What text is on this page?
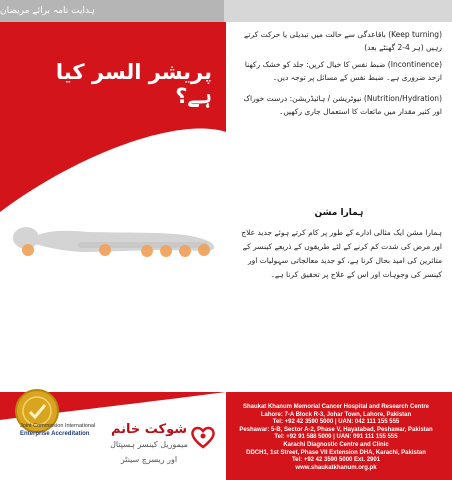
ہدایت نامہ برائے مریضان
پریشر السر کیا ہے؟
(Keep turning) باقاعدگی سے حالت میں تبدیلی یا حرکت کرتے رہیں (ہر 4-2 گھنٹے بعد)
(Incontinence) ضبط نفس کا خیال کریں: جلد کو خشک رکھنا ازحد ضروری ہے۔ ضبط نفس کے مسائل پر توجہ دیں۔
(Nutrition/Hydration) نیوٹریشن / ہائیڈریشن: درست خوراک اور کثیر مقدار میں مائعات کا استعمال جاری رکھیں۔
ہمارا مشن
ہمارا مشن ایک مثالی ادارے کے طور پر کام کرتے ہوئے جدید علاج اور مرض کی شدت کم کرنے کے لئے طریقوں کے ذریعے کینسر کے متاثرین کی امید بحال کرنا ہے، کو جدید معالجاتی سہولیات اور کینسر کی وجوہات اور اس کے علاج پر تحقیق کرنا ہے۔
Joint Commission International
Enterprise Accreditation	شوکت خانم
میموریل کینسر ہسپتال اور ریسرچ سینٹر
Shaukat Khanum Memorial Cancer Hospital and Research Centre
Lahore: 7-A Block R-3, Johar Town, Lahore, Pakistan
Tel: +92 42 3590 5000 | UAN: 042 111 155 555
Peshawar: 5-B, Sector A-2, Phase V, Hayatabad, Peshawar, Pakistan
Tel: +92 91 588 5000 | UAN: 091 111 155 555
Karachi Diagnostic Centre and Clinic
DDCH1, 1st Street, Phase VII Extension DHA, Karachi, Pakistan
Tel: +92 42 3590 5000 Ext. 2901
www.shaukatkhanum.org.pk
